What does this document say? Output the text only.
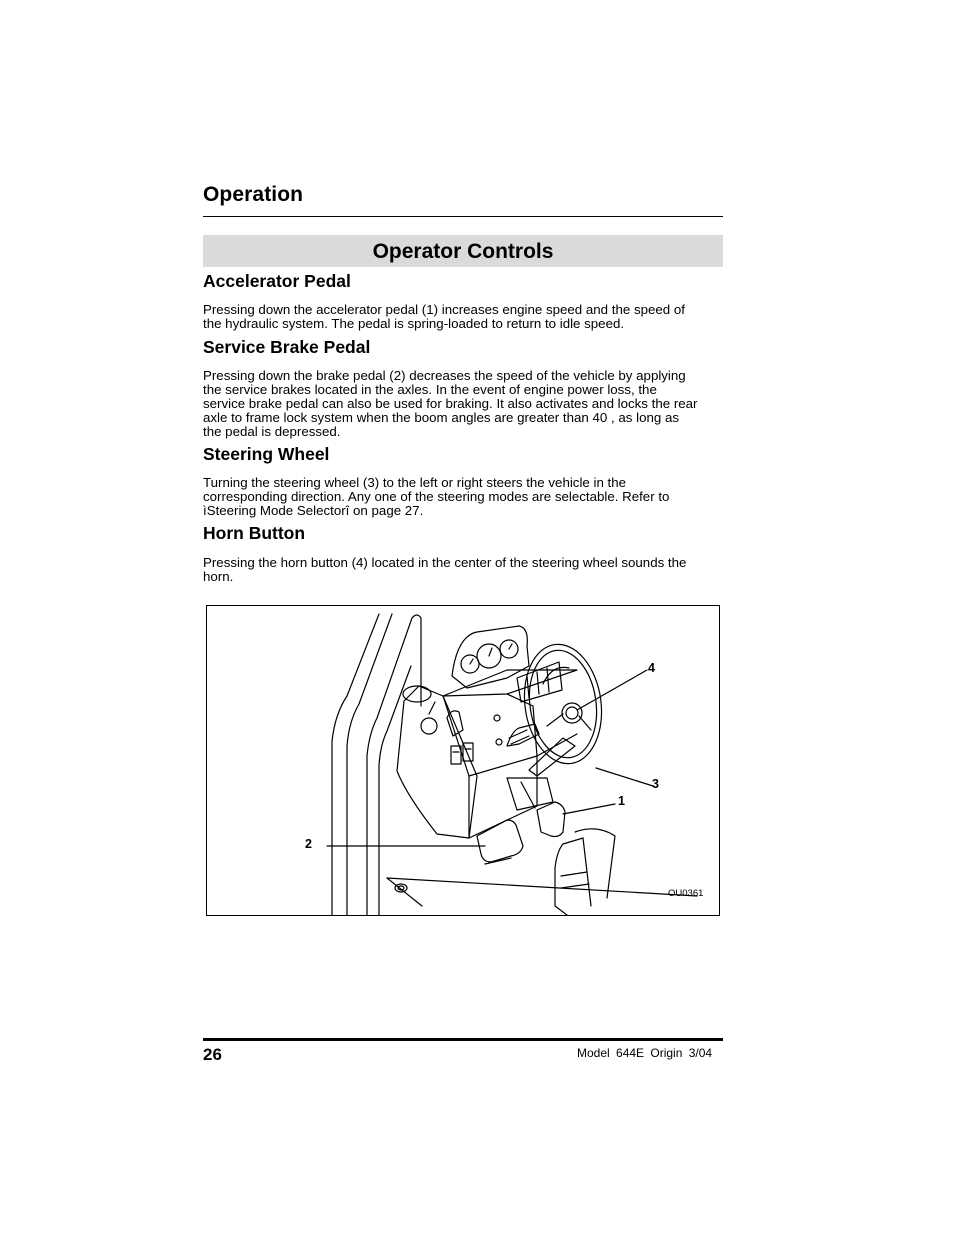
Operation
Operator Controls
Accelerator Pedal
Pressing down the accelerator pedal (1) increases engine speed and the speed of
the hydraulic system. The pedal is spring-loaded to return to idle speed.
Service Brake Pedal
Pressing down the brake pedal (2) decreases the speed of the vehicle by applying
the service brakes located in the axles. In the event of engine power loss, the
service brake pedal can also be used for braking. It also activates and locks the rear
axle to frame lock system when the boom angles are greater than 40 , as long as
the pedal is depressed.
Steering Wheel
Turning the steering wheel (3) to the left or right steers the vehicle in the
corresponding direction. Any one of the steering modes are selectable. Refer to
ìSteering Mode Selectorî on page 27.
Horn Button
Pressing the horn button (4) located in the center of the steering wheel sounds the
horn.
4
3
1
2
OU0361
26	Model 644E Origin 3/04
